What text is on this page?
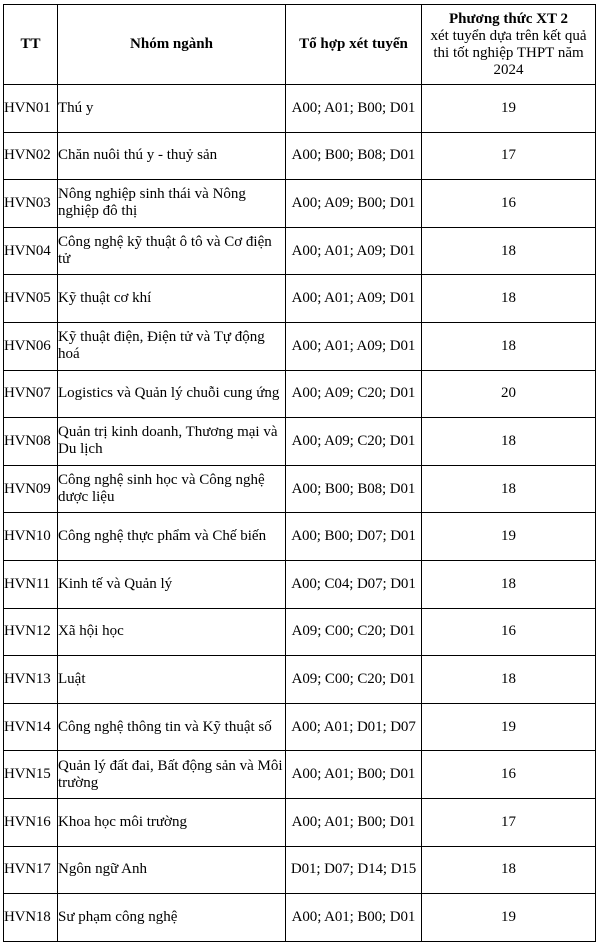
TT	Nhóm ngành	Tổ hợp xét tuyển	Phương thức XT 2
xét tuyển dựa trên kết quả thi tốt nghiệp THPT năm 2024

HVN01	Thú y	A00; A01; B00; D01	19
HVN02	Chăn nuôi thú y - thuỷ sản	A00; B00; B08; D01	17
HVN03	Nông nghiệp sinh thái và Nông nghiệp đô thị	A00; A09; B00; D01	16
HVN04	Công nghệ kỹ thuật ô tô và Cơ điện tử	A00; A01; A09; D01	18
HVN05	Kỹ thuật cơ khí	A00; A01; A09; D01	18
HVN06	Kỹ thuật điện, Điện tử và Tự động hoá	A00; A01; A09; D01	18
HVN07	Logistics và Quản lý chuỗi cung ứng	A00; A09; C20; D01	20
HVN08	Quản trị kinh doanh, Thương mại và Du lịch	A00; A09; C20; D01	18
HVN09	Công nghệ sinh học và Công nghệ dược liệu	A00; B00; B08; D01	18
HVN10	Công nghệ thực phẩm và Chế biến	A00; B00; D07; D01	19
HVN11	Kinh tế và Quản lý	A00; C04; D07; D01	18
HVN12	Xã hội học	A09; C00; C20; D01	16
HVN13	Luật	A09; C00; C20; D01	18
HVN14	Công nghệ thông tin và Kỹ thuật số	A00; A01; D01; D07	19
HVN15	Quản lý đất đai, Bất động sản và Môi trường	A00; A01; B00; D01	16
HVN16	Khoa học môi trường	A00; A01; B00; D01	17
HVN17	Ngôn ngữ Anh	D01; D07; D14; D15	18
HVN18	Sư phạm công nghệ	A00; A01; B00; D01	19
